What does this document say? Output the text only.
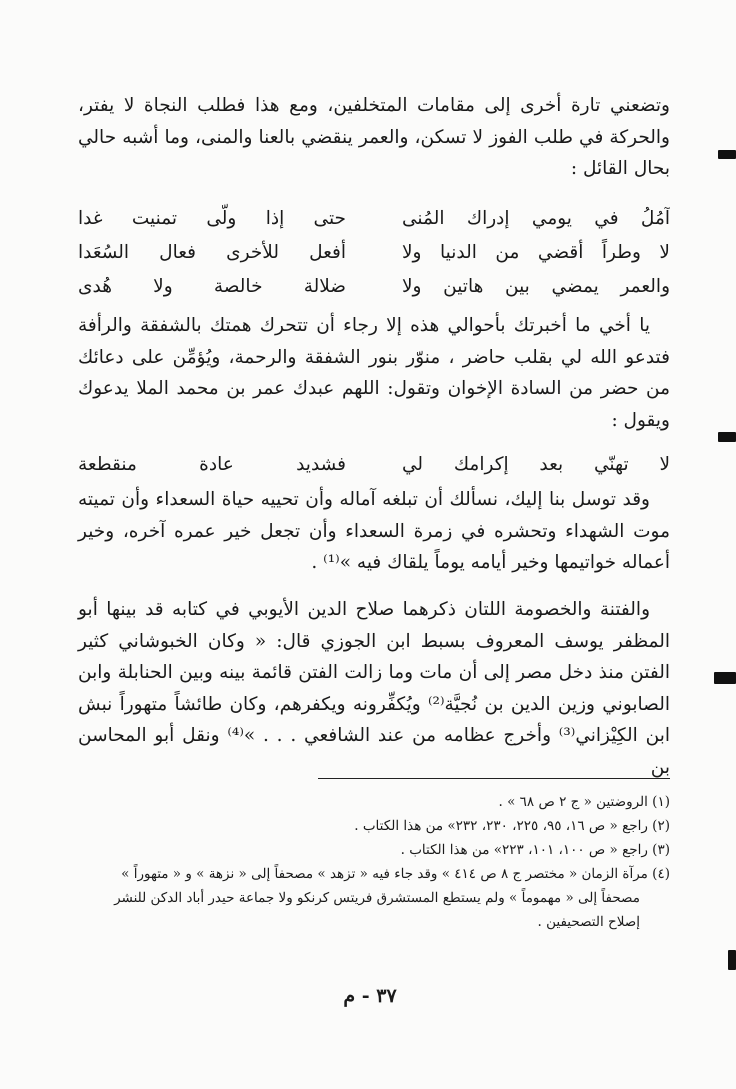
وتضعني تارة أخرى إلى مقامات المتخلفين، ومع هذا فطلب النجاة لا يفتر، والحركة في طلب الفوز لا تسكن، والعمر ينقضي بالعنا والمنى، وما أشبه حالي بحال القائل :

آمُلُ في يومي إدراك المُنى
حتى إذا ولّى تمنيت غدا
لا وطراً أقضي من الدنيا ولا
أفعل للأخرى فعال السُعَدا
والعمر يمضي بين هاتين ولا
ضلالة خالصة ولا هُدى

يا أخي ما أخبرتك بأحوالي هذه إلا رجاء أن تتحرك همتك بالشفقة والرأفة فتدعو الله لي بقلب حاضر ، منوّر بنور الشفقة والرحمة، ويُؤمِّن على دعائك من حضر من السادة الإخوان وتقول: اللهم عبدك عمر بن محمد الملا يدعوك ويقول :

لا تهنّي بعد إكرامك لي
فشديد عادة منقطعة

وقد توسل بنا إليك، نسألك أن تبلغه آماله وأن تحييه حياة السعداء وأن تميته موت الشهداء وتحشره في زمرة السعداء وأن تجعل خير عمره آخره، وخير أعماله خواتيمها وخير أيامه يوماً يلقاك فيه »⁽¹⁾ .

والفتنة والخصومة اللتان ذكرهما صلاح الدين الأيوبي في كتابه قد بينها أبو المظفر يوسف المعروف بسبط ابن الجوزي قال: « وكان الخبوشاني كثير الفتن منذ دخل مصر إلى أن مات وما زالت الفتن قائمة بينه وبين الحنابلة وابن الصابوني وزين الدين بن نُجيَّة⁽²⁾ ويُكفِّرونه ويكفرهم، وكان طائشاً متهوراً نبش ابن الكِيْزاني⁽³⁾ وأخرج عظامه من عند الشافعي . . . »⁽⁴⁾ ونقل أبو المحاسن بن

(١) الروضتين « ج ٢ ص ٦٨ » .

(٢) راجع « ص ١٦، ٩٥، ٢٢٥، ٢٣٠، ٢٣٢» من هذا الكتاب .

(٣) راجع « ص ١٠٠، ١٠١، ٢٢٣» من هذا الكتاب .

(٤) مرآة الزمان « مختصر ج ٨ ص ٤١٤ » وقد جاء فيه « تزهد » مصحفاً إلى « نزهة » و « متهوراً »

مصحفاً إلى « مهموماً » ولم يستطع المستشرق فريتس كرنكو ولا جماعة حيدر أباد الدكن للنشر

إصلاح التصحيفين .

٣٧ - م
